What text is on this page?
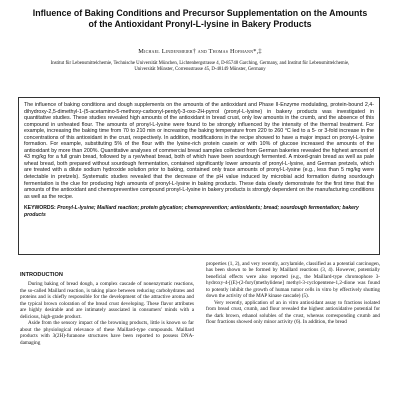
Influence of Baking Conditions and Precursor Supplementation on the Amounts of the Antioxidant Pronyl-L-lysine in Bakery Products
Michael Lindenmeier† and Thomas Hofmann*,‡
Institut für Lebensmittelchemie, Technische Universität München, Lichtenbergstrasse 4, D-85748 Garching, Germany, and Institut für Lebensmittelchemie, Universität Münster, Corrensstrasse 45, D-48149 Münster, Germany
The influence of baking conditions and dough supplements on the amounts of the antioxidant and Phase II-Enzyme modulating, protein-bound 2,4-dihydroxy-2,5-dimethyl-1-(5-acetamino-5-methoxy-carbonyl-pentyl)-3-oxo-2H-pyrrol (pronyl-L-lysine) in bakery products was investigated in quantitative studies. These studies revealed high amounts of the antioxidant in bread crust, only low amounts in the crumb, and the absence of this compound in unheated flour. The amounts of pronyl-L-lysine were found to be strongly influenced by the intensity of the thermal treatment. For example, increasing the baking time from 70 to 210 min or increasing the baking temperature from 220 to 260 °C led to a 5- or 3-fold increase in the concentrations of this antioxidant in the crust, respectively. In addition, modifications in the recipe showed to have a major impact on pronyl-L-lysine formation. For example, substituting 5% of the flour with the lysine-rich protein casein or with 10% of glucose increased the amounts of the antioxidant by more than 200%. Quantitative analyses of commercial bread samples collected from German bakeries revealed the highest amount of 43 mg/kg for a full grain bread, followed by a rye/wheat bread, both of which have been sourdough fermented. A mixed-grain bread as well as pale wheat bread, both prepared without sourdough fermentation, contained significantly lower amounts of pronyl-L-lysine, and German pretzels, which are treated with a dilute sodium hydroxide solution prior to baking, contained only trace amounts of pronyl-L-lysine (e.g., less than 5 mg/kg were detectable in pretzels). Systematic studies revealed that the decrease of the pH value induced by microbial acid formation during sourdough fermentation is the clue for producing high amounts of pronyl-L-lysine in baking products. These data clearly demonstrate for the first time that the amounts of the antioxidant and chemopreventive compound pronyl-L-lysine in bakery products is strongly dependent on the manufacturing conditions as well as the recipe.
KEYWORDS: Pronyl-L-lysine; Maillard reaction; protein glycation; chemoprevention; antioxidants; bread; sourdough fermentation; bakery products
INTRODUCTION

During baking of bread dough, a complex cascade of nonenzymatic reactions, the so-called Maillard reaction, is taking place between reducing carbohydrates and proteins and is chiefly responsible for the development of the attractive aroma and the typical brown coloration of the bread crust developing. These flavor attributes are highly desirable and are intimately associated in consumers' minds with a delicious, high-grade product.

Aside from the sensory impact of the browning products, little is known so far about the physiological relevance of these Maillard-type compounds. Maillard products with 3(2H)-furanone structures have been reported to possess DNA-damaging

properties (1, 2), and very recently, acrylamide, classified as a potential carcinogen, has been shown to be formed by Maillard reactions (3, 4). However, potentially beneficial effects were also reported (e.g., the Maillard-type chromophore 3-hydroxy-4-[(E)-(2-furyl)methylidene] methyl-3-cyclopentene-1,2-dione was found to potently inhibit the growth of human tumor cells in vitro by effectively shutting down the activity of the MAP kinase cascade) (5).

Very recently, application of an in vitro antioxidant assay to fractions isolated from bread crust, crumb, and flour revealed the highest antioxidative potential for the dark brown, ethanol solubles of the crust, whereas corresponding crumb and flour fractions showed only minor activity (6). In addition, the bread
